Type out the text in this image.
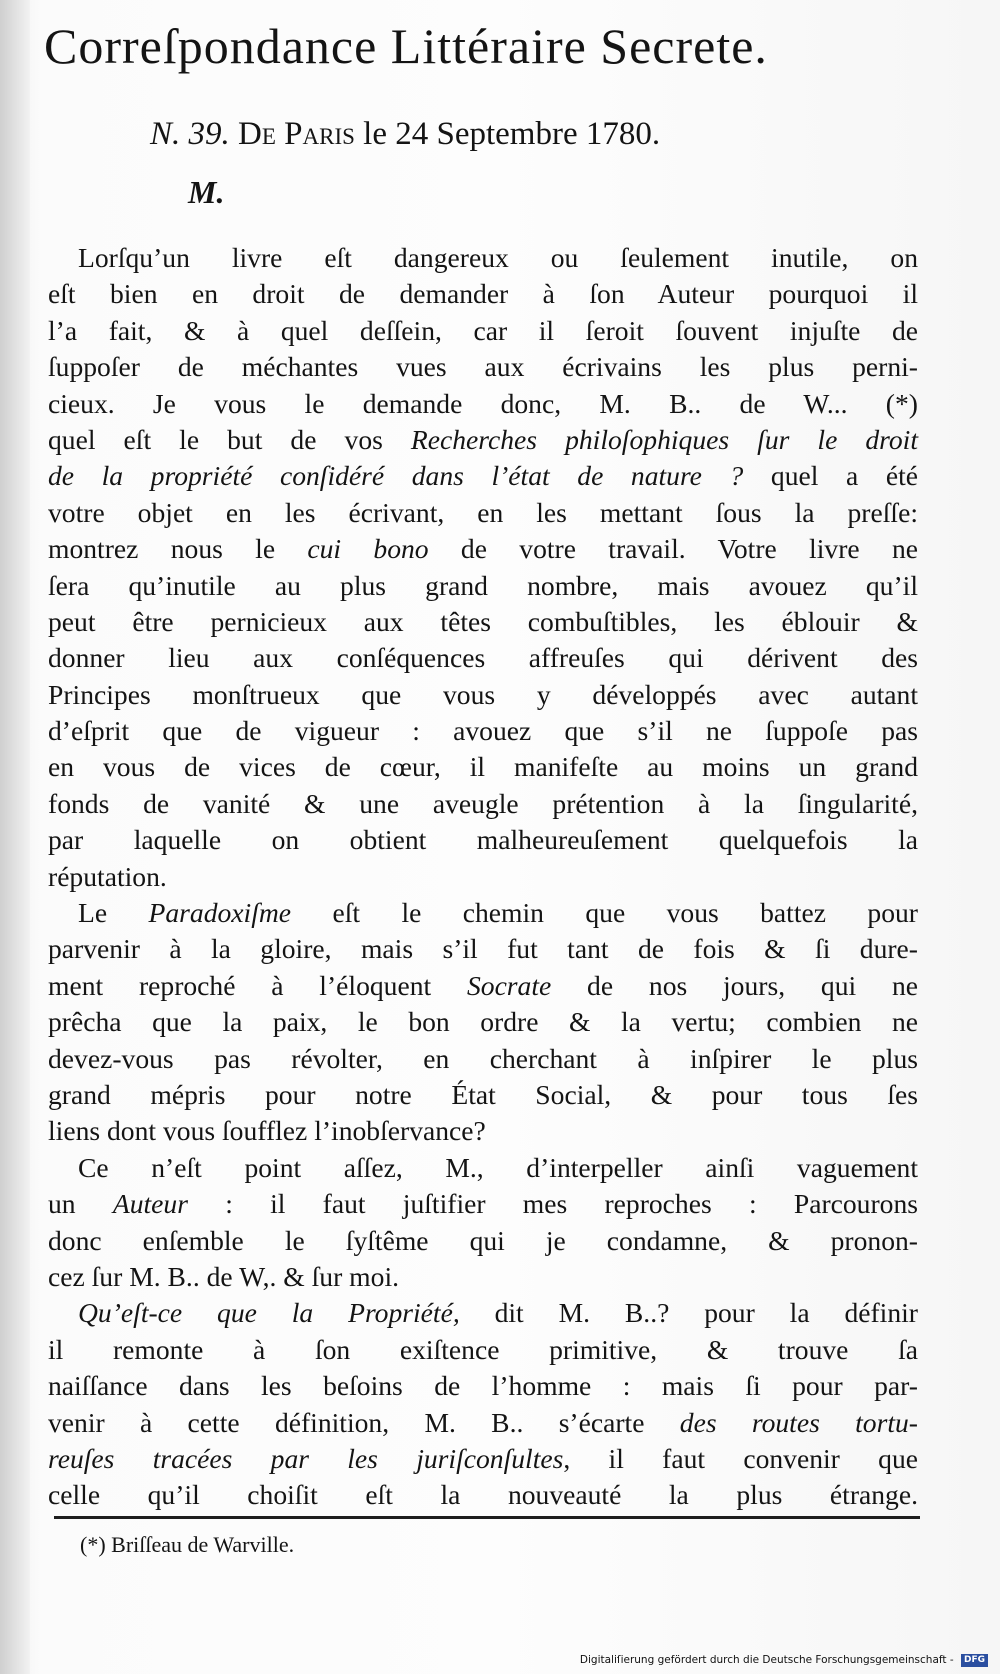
Correſpondance Littéraire Secrete.
N. 39. De Paris le 24 Septembre 1780.
M.
Lorſqu’un livre eſt dangereux ou ſeulement inutile, on
eſt bien en droit de demander à ſon Auteur pourquoi il
l’a fait, & à quel deſſein, car il ſeroit ſouvent injuſte de
ſuppoſer de méchantes vues aux écrivains les plus perni-
cieux. Je vous le demande donc, M. B.. de W... (*)
quel eſt le but de vos Recherches philoſophiques ſur le droit
de la propriété conſidéré dans l’état de nature ? quel a été
votre objet en les écrivant, en les mettant ſous la preſſe:
montrez nous le cui bono de votre travail. Votre livre ne
ſera qu’inutile au plus grand nombre, mais avouez qu’il
peut être pernicieux aux têtes combuſtibles, les éblouir &
donner lieu aux conſéquences affreuſes qui dérivent des
Principes monſtrueux que vous y développés avec autant
d’eſprit que de vigueur : avouez que s’il ne ſuppoſe pas
en vous de vices de cœur, il manifeſte au moins un grand
fonds de vanité & une aveugle prétention à la ſingularité,
par laquelle on obtient malheureuſement quelquefois la
réputation.
Le Paradoxiſme eſt le chemin que vous battez pour
parvenir à la gloire, mais s’il fut tant de fois & ſi dure-
ment reproché à l’éloquent Socrate de nos jours, qui ne
prêcha que la paix, le bon ordre & la vertu; combien ne
devez-vous pas révolter, en cherchant à inſpirer le plus
grand mépris pour notre État Social, & pour tous ſes
liens dont vous ſoufflez l’inobſervance?
Ce n’eſt point aſſez, M., d’interpeller ainſi vaguement
un Auteur : il faut juſtifier mes reproches : Parcourons
donc enſemble le ſyſtême qui je condamne, & pronon-
cez ſur M. B.. de W,. & ſur moi.
Qu’eſt-ce que la Propriété, dit M. B..? pour la définir
il remonte à ſon exiſtence primitive, & trouve ſa
naiſſance dans les beſoins de l’homme : mais ſi pour par-
venir à cette définition, M. B.. s’écarte des routes tortu-
reuſes tracées par les juriſconſultes, il faut convenir que
celle qu’il choiſit eſt la nouveauté la plus étrange.
(*) Briſſeau de Warville.
Digitaliſierung gefördert durch die Deutsche Forschungsgemeinschaft - DFG
